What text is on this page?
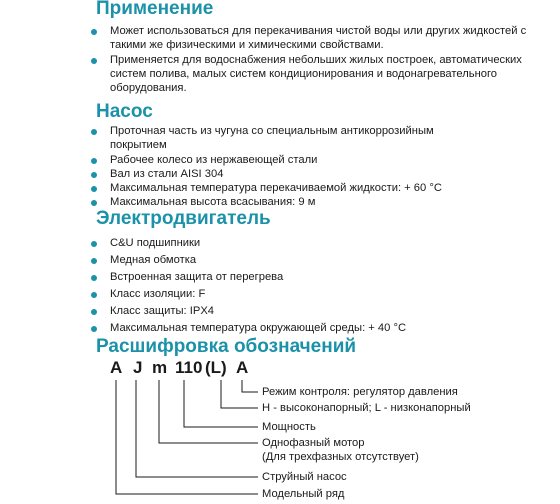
Применение
Может использоваться для перекачивания чистой воды или других жидкостей с такими же физическими и химическими свойствами.
Применяется для водоснабжения небольших жилых построек, автоматических систем полива, малых систем кондиционирования и водонагревательного оборудования.
Насос
Проточная часть из чугуна со специальным антикоррозийным покрытием
Рабочее колесо из нержавеющей стали
Вал из стали AISI 304
Максимальная температура перекачиваемой жидкости: + 60 °С
Максимальная высота всасывания: 9 м
Электродвигатель
C&U подшипники
Медная обмотка
Встроенная защита от перегрева
Класс изоляции: F
Класс защиты: IPX4
Максимальная температура окружающей среды: + 40 °С
Расшифровка обозначений
A J m 110 (L) A
Режим контроля: регулятор давления
H - высоконапорный; L - низконапорный
Мощность
Однофазный мотор
(Для трехфазных отсутствует)
Струйный насос
Модельный ряд
